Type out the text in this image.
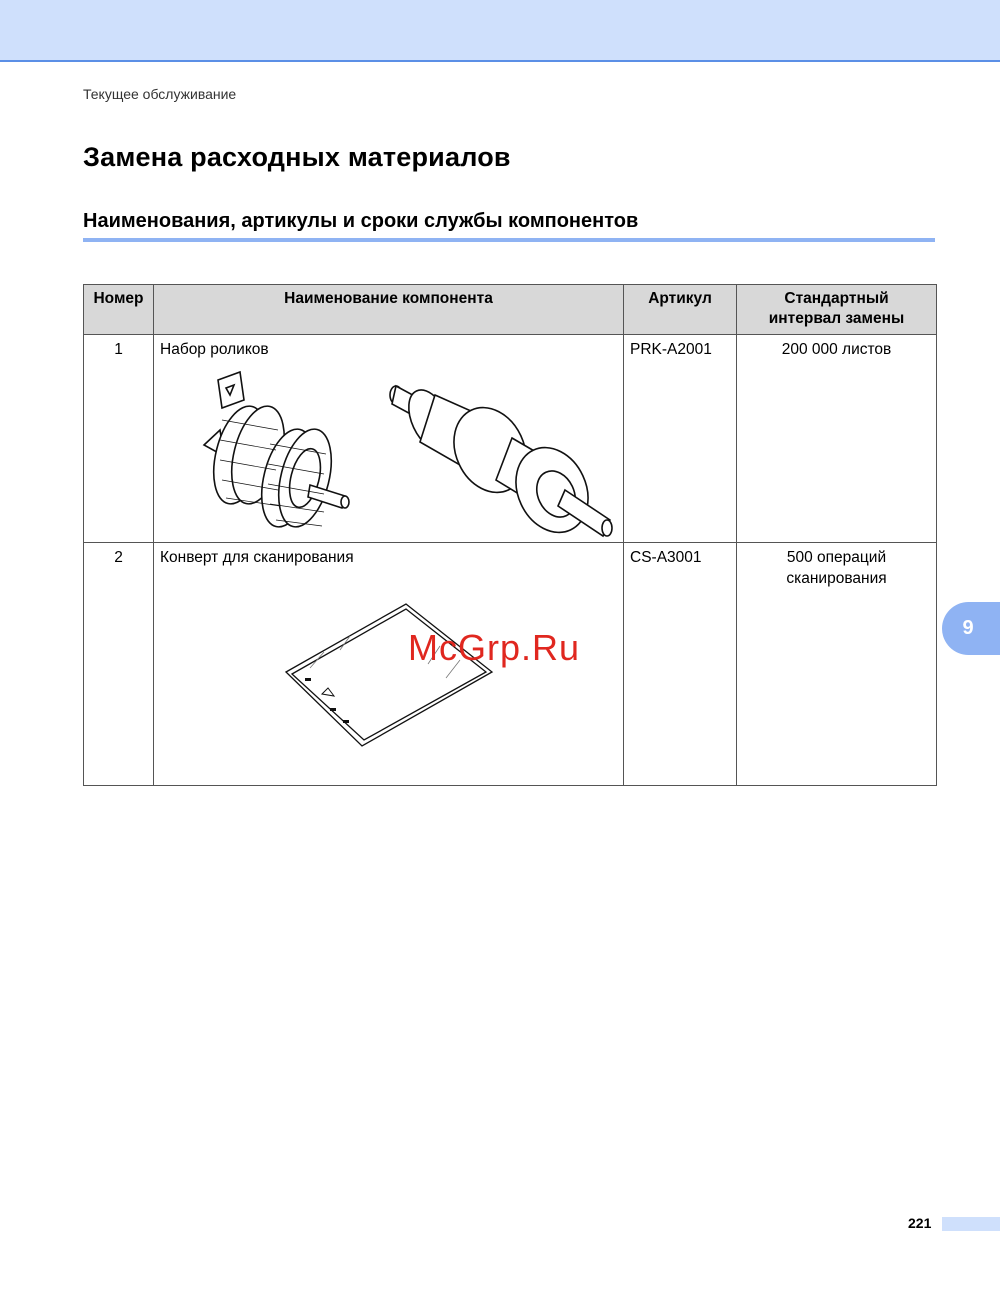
Текущее обслуживание
Замена расходных материалов
Наименования, артикулы и сроки службы компонентов
Номер	Наименование компонента	Артикул	Стандартный
интервал замены
1	Набор роликов	PRK-A2001	200 000 листов
2	Конверт для сканирования	CS-A3001	500 операций
сканирования
McGrp.Ru	9
221
